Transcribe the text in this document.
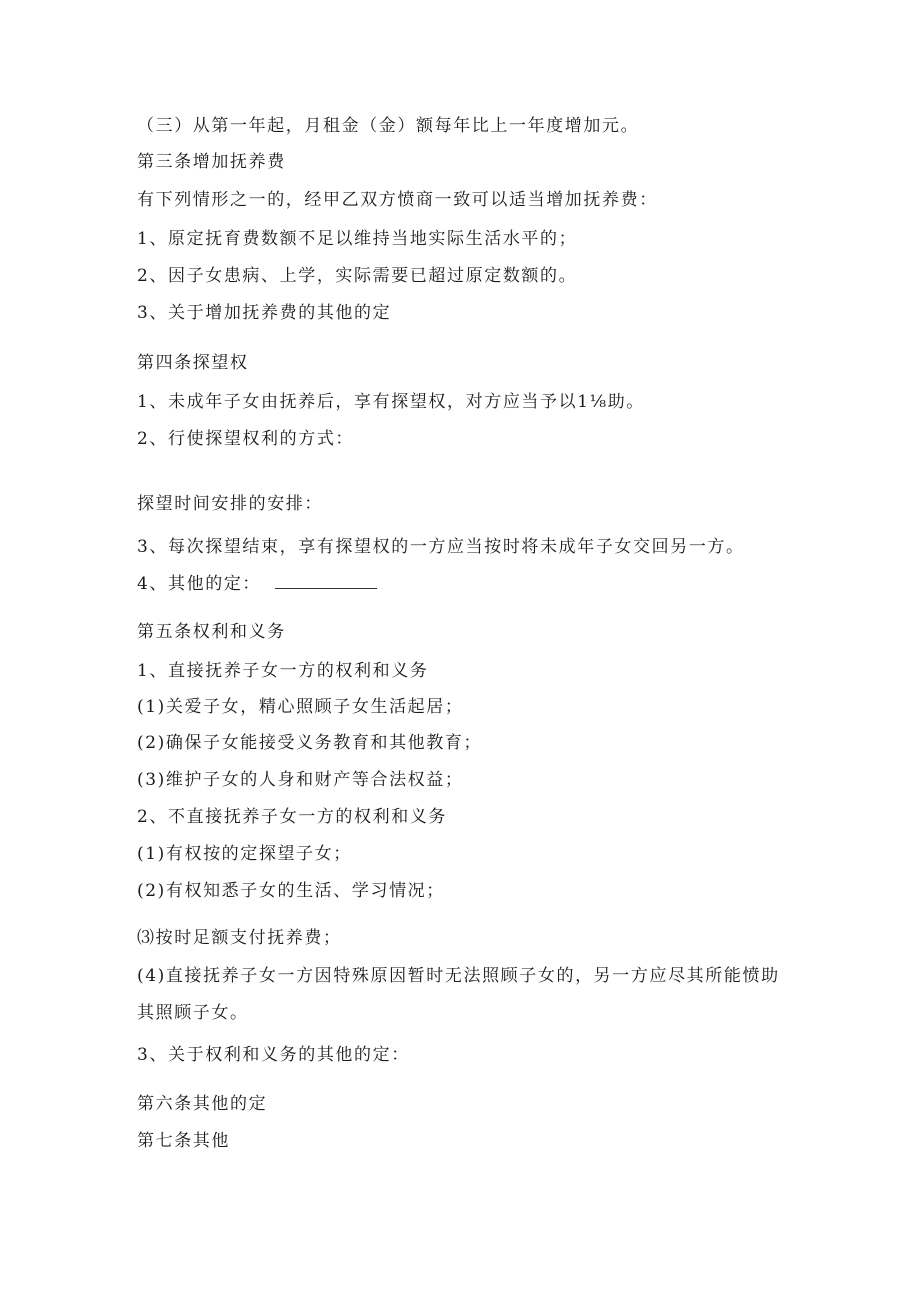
（三）从第一年起，月租金（金）额每年比上一年度增加元。
第三条增加抚养费
有下列情形之一的，经甲乙双方愤商一致可以适当增加抚养费：
1、原定抚育费数额不足以维持当地实际生活水平的；
2、因子女患病、上学，实际需要已超过原定数额的。
3、关于增加抚养费的其他的定
第四条探望权
1、未成年子女由抚养后，享有探望权，对方应当予以1⅛助。
2、行使探望权利的方式：
探望时间安排的安排：
3、每次探望结束，享有探望权的一方应当按时将未成年子女交回另一方。
4、其他的定：
第五条权利和义务
1、直接抚养子女一方的权利和义务
(1)关爱子女，精心照顾子女生活起居；
(2)确保子女能接受义务教育和其他教育；
(3)维护子女的人身和财产等合法权益；
2、不直接抚养子女一方的权利和义务
(1)有权按的定探望子女；
(2)有权知悉子女的生活、学习情况；
⑶按时足额支付抚养费；
(4)直接抚养子女一方因特殊原因暂时无法照顾子女的，另一方应尽其所能愤助
其照顾子女。
3、关于权利和义务的其他的定：
第六条其他的定
第七条其他
